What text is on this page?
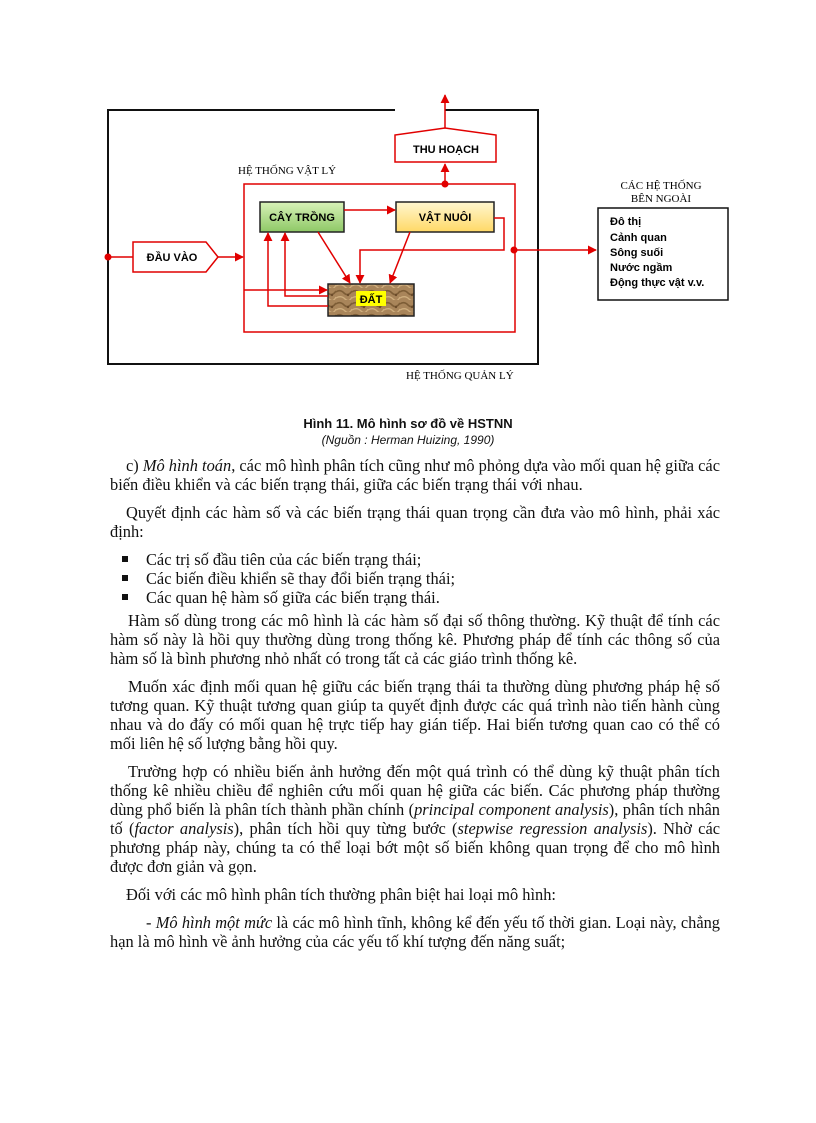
THU HOẠCH
HỆ THỐNG VẬT LÝ
ĐẦU VÀO
CÂY TRỒNG	VẬT NUÔI
ĐẤT
CÁC HỆ THỐNG
BÊN NGOÀI
Đô thị
Cảnh quan
Sông suối
Nước ngầm
Động thực vật v.v.
HỆ THỐNG QUẢN LÝ
Hình 11. Mô hình sơ đồ về HSTNN
(Nguồn : Herman Huizing, 1990)

c) Mô hình toán, các mô hình phân tích cũng như mô phỏng dựa vào mối quan hệ giữa các biến điều khiển và các biến trạng thái, giữa các biến trạng thái với nhau.

Quyết định các hàm số và các biến trạng thái quan trọng cần đưa vào mô hình, phải xác định:

Các trị số đầu tiên của các biến trạng thái;
Các biến điều khiển sẽ thay đổi biến trạng thái;
Các quan hệ hàm số giữa các biến trạng thái.

Hàm số dùng trong các mô hình là các hàm số đại số thông thường. Kỹ thuật để tính các hàm số này là hồi quy thường dùng trong thống kê. Phương pháp để tính các thông số của hàm số là bình phương nhỏ nhất có trong tất cả các giáo trình thống kê.

Muốn xác định mối quan hệ giữu các biến trạng thái ta thường dùng phương pháp hệ số tương quan. Kỹ thuật tương quan giúp ta quyết định được các quá trình nào tiến hành cùng nhau và do đấy có mối quan hệ trực tiếp hay gián tiếp. Hai biến tương quan cao có thể có mối liên hệ số lượng bằng hồi quy.

Trường hợp có nhiều biến ảnh hưởng đến một quá trình có thể dùng kỹ thuật phân tích thống kê nhiều chiều để nghiên cứu mối quan hệ giữa các biến. Các phương pháp thường dùng phổ biến là phân tích thành phần chính (principal component analysis), phân tích nhân tố (factor analysis), phân tích hồi quy từng bước (stepwise regression analysis). Nhờ các phương pháp này, chúng ta có thể loại bớt một số biến không quan trọng để cho mô hình được đơn giản và gọn.

Đối với các mô hình phân tích thường phân biệt hai loại mô hình:

- Mô hình một mức là các mô hình tĩnh, không kể đến yếu tố thời gian. Loại này, chẳng hạn là mô hình về ảnh hưởng của các yếu tố khí tượng đến năng suất;
